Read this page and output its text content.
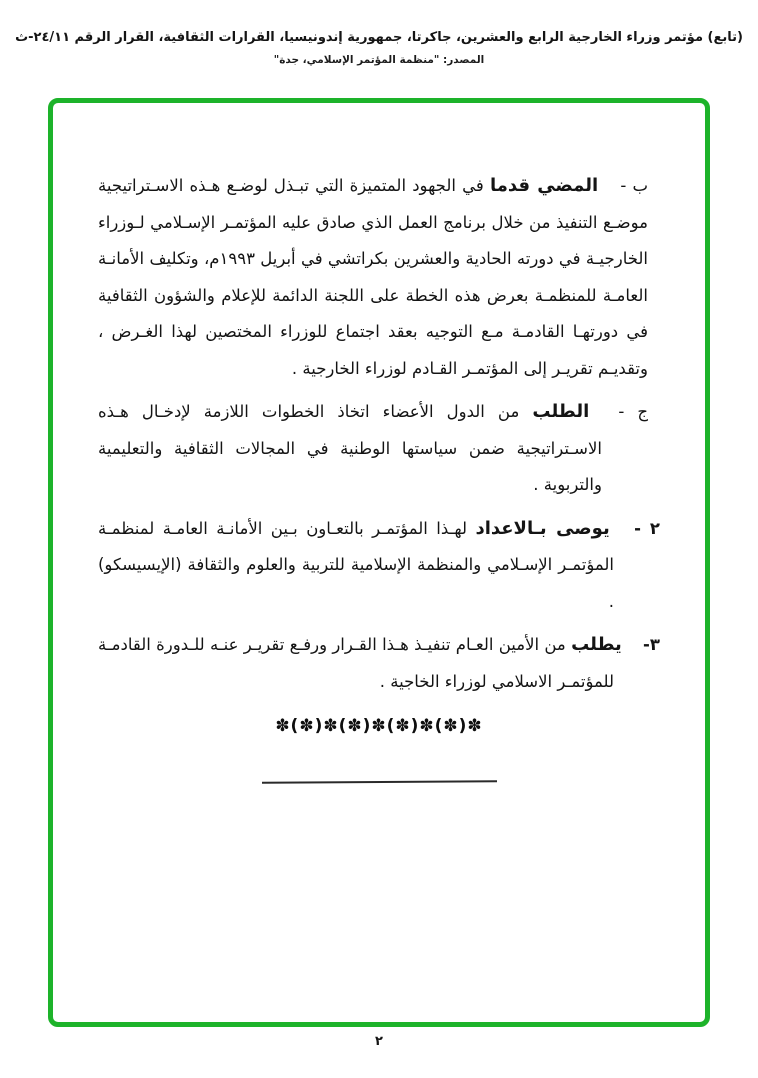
(تابع) مؤتمر وزراء الخارجية الرابع والعشرين، جاكرتا، جمهورية إندونيسيا، القرارات الثقافية، القرار الرقم ٢٤/١١-ث
المصدر: "منظمة المؤتمر الإسلامي، جدة"

ب - المضي قدما في الجهود المتميزة التي تبـذل لوضـع هـذه الاسـتراتيجية موضـع التنفيذ من خلال برنامج العمل الذي صادق عليه المؤتمـر الإسـلامي لـوزراء الخارجيـة في دورته الحادية والعشرين بكراتشي في أبريل ١٩٩٣م، وتكليف الأمانـة العامـة للمنظمـة بعرض هذه الخطة على اللجنة الدائمة للإعلام والشؤون الثقافية في دورتهـا القادمـة مـع التوجيه بعقد اجتماع للوزراء المختصين لهذا الغـرض ، وتقديـم تقريـر إلى المؤتمـر القـادم لوزراء الخارجية .

ج - الطلب من الدول الأعضاء اتخاذ الخطوات اللازمة لإدخـال هـذه الاسـتراتيجية ضمن سياستها الوطنية في المجالات الثقافية والتعليمية والتربوية .

٢ - يوصى بـالاعداد لهـذا المؤتمـر بالتعـاون بـين الأمانـة العامـة لمنظمـة المؤتمـر الإسـلامي والمنظمة الإسلامية للتربية والعلوم والثقافة (الإيسيسكو) .

٣- يطلب من الأمين العـام تنفيـذ هـذا القـرار ورفـع تقريـر عنـه للـدورة القادمـة للمؤتمـر الاسلامي لوزراء الخاجية .

✽(✽)✽(✽)✽(✽)✽(✽)✽
٢
